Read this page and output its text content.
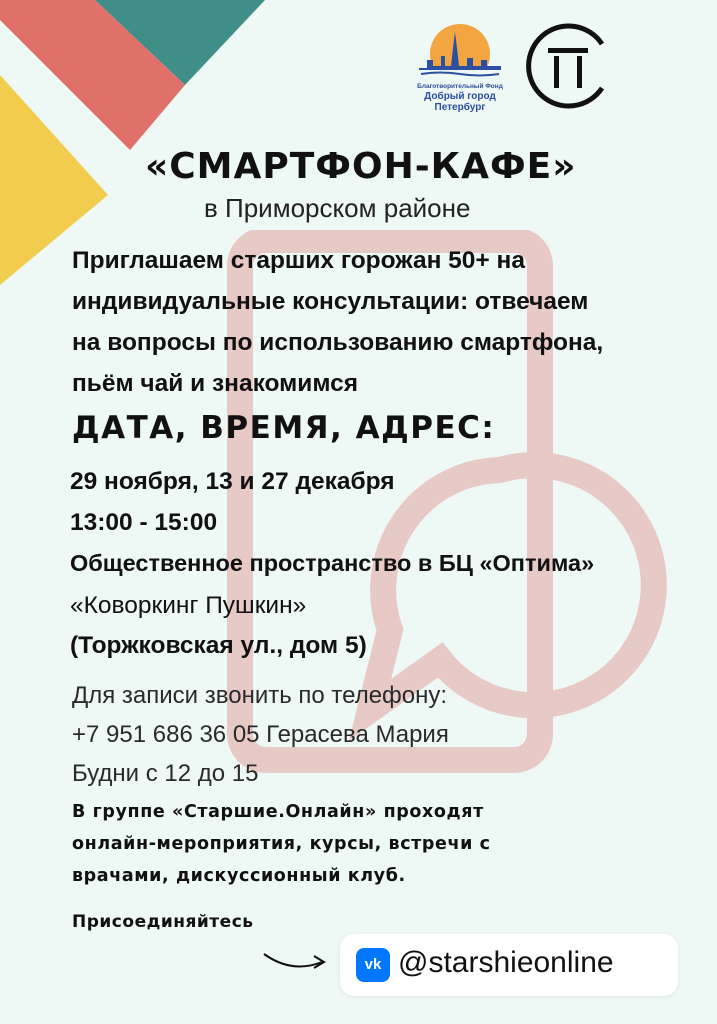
Благотворительный Фонд
Добрый город
Петербург
«СМАРТФОН-КАФЕ»
в Приморском районе
Приглашаем старших горожан 50+ на
индивидуальные консультации: отвечаем
на вопросы по использованию смартфона,
пьём чай и знакомимся
ДАТА, ВРЕМЯ, АДРЕС:
29 ноября, 13 и 27 декабря
13:00 - 15:00
Общественное пространство в БЦ «Оптима»
«Коворкинг Пушкин»
(Торжковская ул., дом 5)
Для записи звонить по телефону:
+7 951 686 36 05 Герасева Мария
Будни с 12 до 15
В группе «Старшие.Онлайн» проходят
онлайн-мероприятия, курсы, встречи с
врачами, дискуссионный клуб.
Присоединяйтесь
vk @starshieonline
